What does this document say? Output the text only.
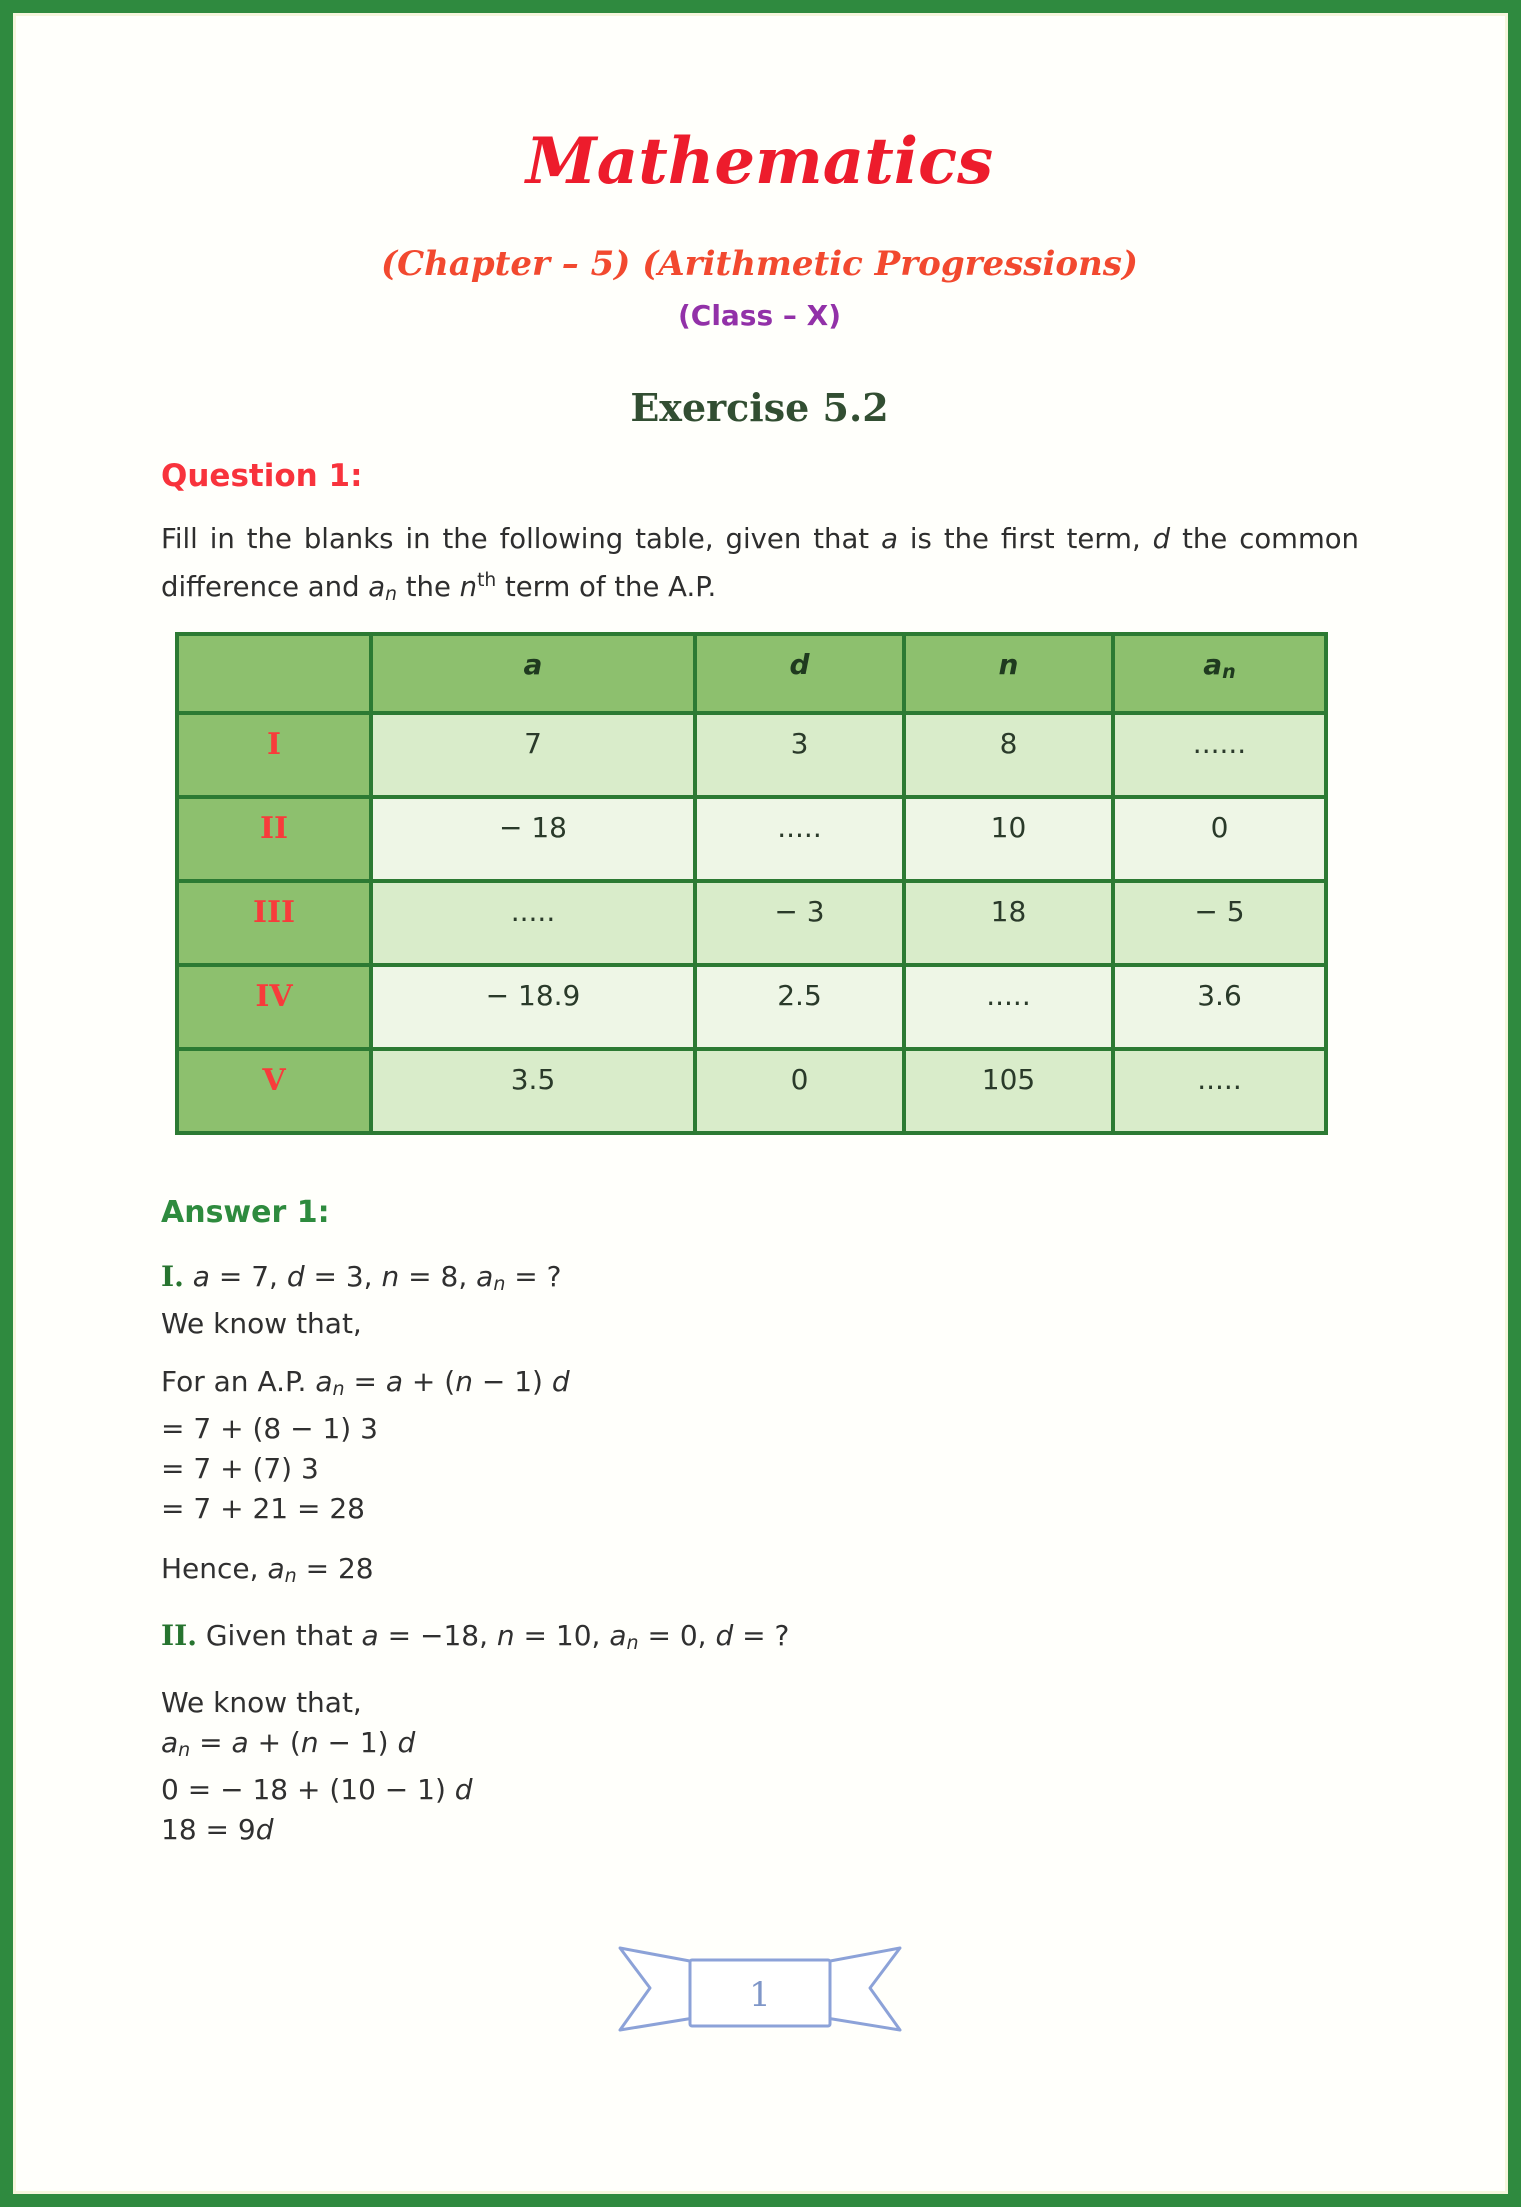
Mathematics
(Chapter – 5) (Arithmetic Progressions)
(Class – X)
Exercise 5.2
Question 1:
Fill in the blanks in the following table, given that a is the first term, d the common difference and $a_n$ the $n^{th}$ term of the A.P.
	a	d	n	$a_n$
I	7	3	8	......
II	− 18	.....	10	0
III	.....	− 3	18	− 5
IV	− 18.9	2.5	.....	3.6
V	3.5	0	105	.....
Answer 1:
I. a = 7, d = 3, n = 8, $a_n$ = ?
We know that,
For an A.P. $a_n = a + (n - 1)$ d
= 7 + (8 − 1) 3
= 7 + (7) 3
= 7 + 21 = 28
Hence, $a_n = 28$
II. Given that a = −18, n = 10, $a_n = 0$, d = ?
We know that,
$a_n = a + (n - 1)$ d
0 = − 18 + (10 − 1) d
18 = 9d
1
